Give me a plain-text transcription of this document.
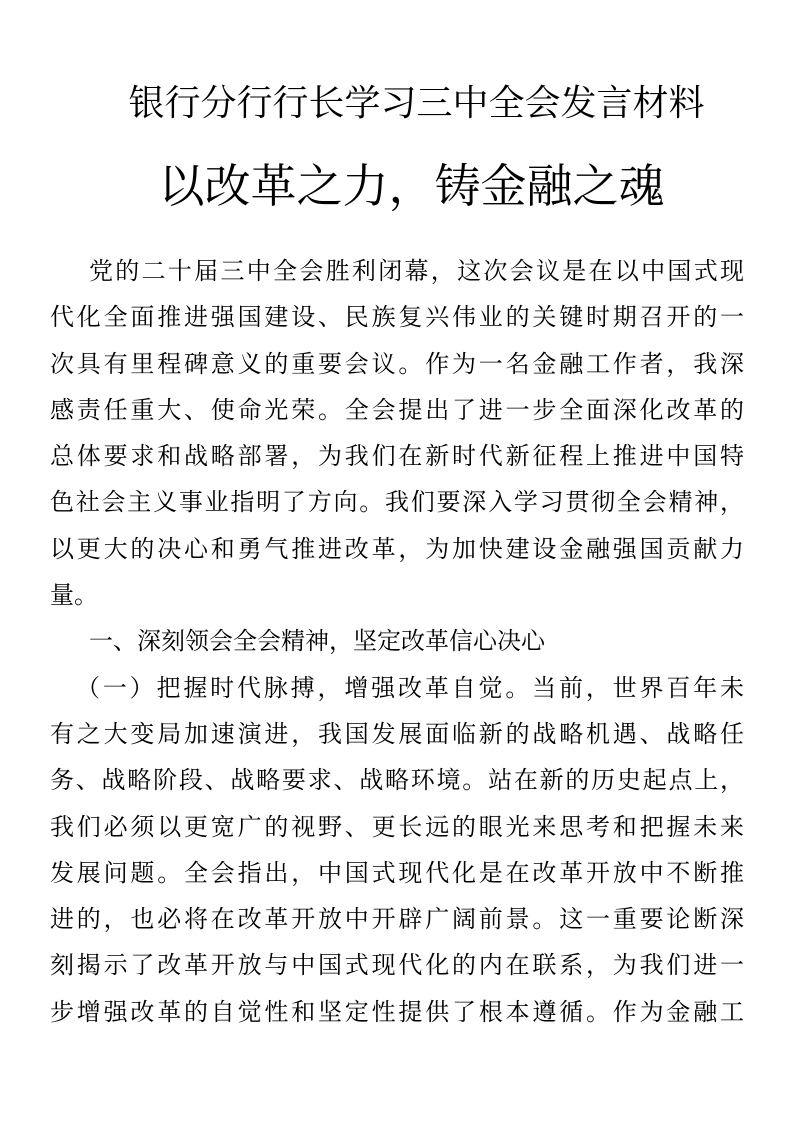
银行分行行长学习三中全会发言材料
以改革之力，铸金融之魂
党的二十届三中全会胜利闭幕，这次会议是在以中国式现
代化全面推进强国建设、民族复兴伟业的关键时期召开的一
次具有里程碑意义的重要会议。作为一名金融工作者，我深
感责任重大、使命光荣。全会提出了进一步全面深化改革的
总体要求和战略部署，为我们在新时代新征程上推进中国特
色社会主义事业指明了方向。我们要深入学习贯彻全会精神，
以更大的决心和勇气推进改革，为加快建设金融强国贡献力
量。
一、深刻领会全会精神，坚定改革信心决心
（一）把握时代脉搏，增强改革自觉。当前，世界百年未
有之大变局加速演进，我国发展面临新的战略机遇、战略任
务、战略阶段、战略要求、战略环境。站在新的历史起点上，
我们必须以更宽广的视野、更长远的眼光来思考和把握未来
发展问题。全会指出，中国式现代化是在改革开放中不断推
进的，也必将在改革开放中开辟广阔前景。这一重要论断深
刻揭示了改革开放与中国式现代化的内在联系，为我们进一
步增强改革的自觉性和坚定性提供了根本遵循。作为金融工
